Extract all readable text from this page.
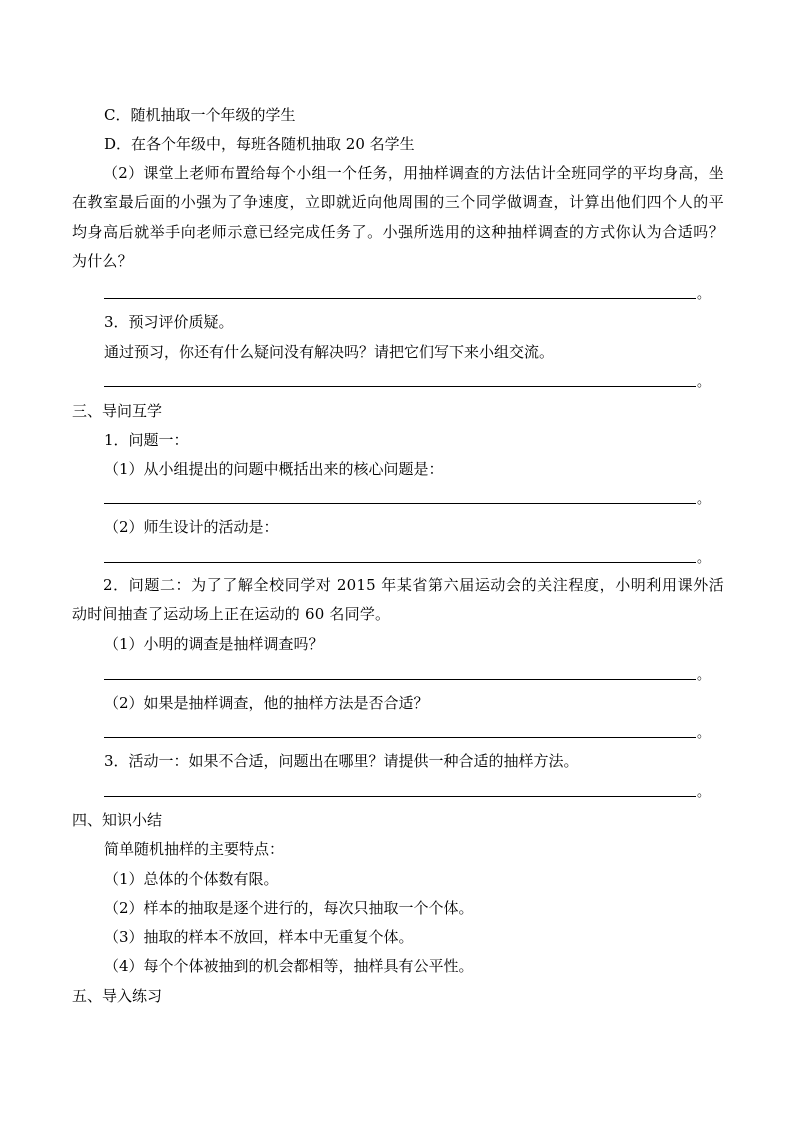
C．随机抽取一个年级的学生
D．在各个年级中，每班各随机抽取 20 名学生
（2）课堂上老师布置给每个小组一个任务，用抽样调查的方法估计全班同学的平均身高，坐在教室最后面的小强为了争速度，立即就近向他周围的三个同学做调查，计算出他们四个人的平均身高后就举手向老师示意已经完成任务了。小强所选用的这种抽样调查的方式你认为合适吗？为什么？
。
3．预习评价质疑。
通过预习，你还有什么疑问没有解决吗？请把它们写下来小组交流。
。
三、导问互学
1．问题一：
（1）从小组提出的问题中概括出来的核心问题是：
。
（2）师生设计的活动是：
。
2．问题二：为了了解全校同学对 2015 年某省第六届运动会的关注程度，小明利用课外活动时间抽查了运动场上正在运动的 60 名同学。
（1）小明的调查是抽样调查吗？
。
（2）如果是抽样调查，他的抽样方法是否合适？
。
3．活动一：如果不合适，问题出在哪里？请提供一种合适的抽样方法。
。
四、知识小结
简单随机抽样的主要特点：
（1）总体的个体数有限。
（2）样本的抽取是逐个进行的，每次只抽取一个个体。
（3）抽取的样本不放回，样本中无重复个体。
（4）每个个体被抽到的机会都相等，抽样具有公平性。
五、导入练习
